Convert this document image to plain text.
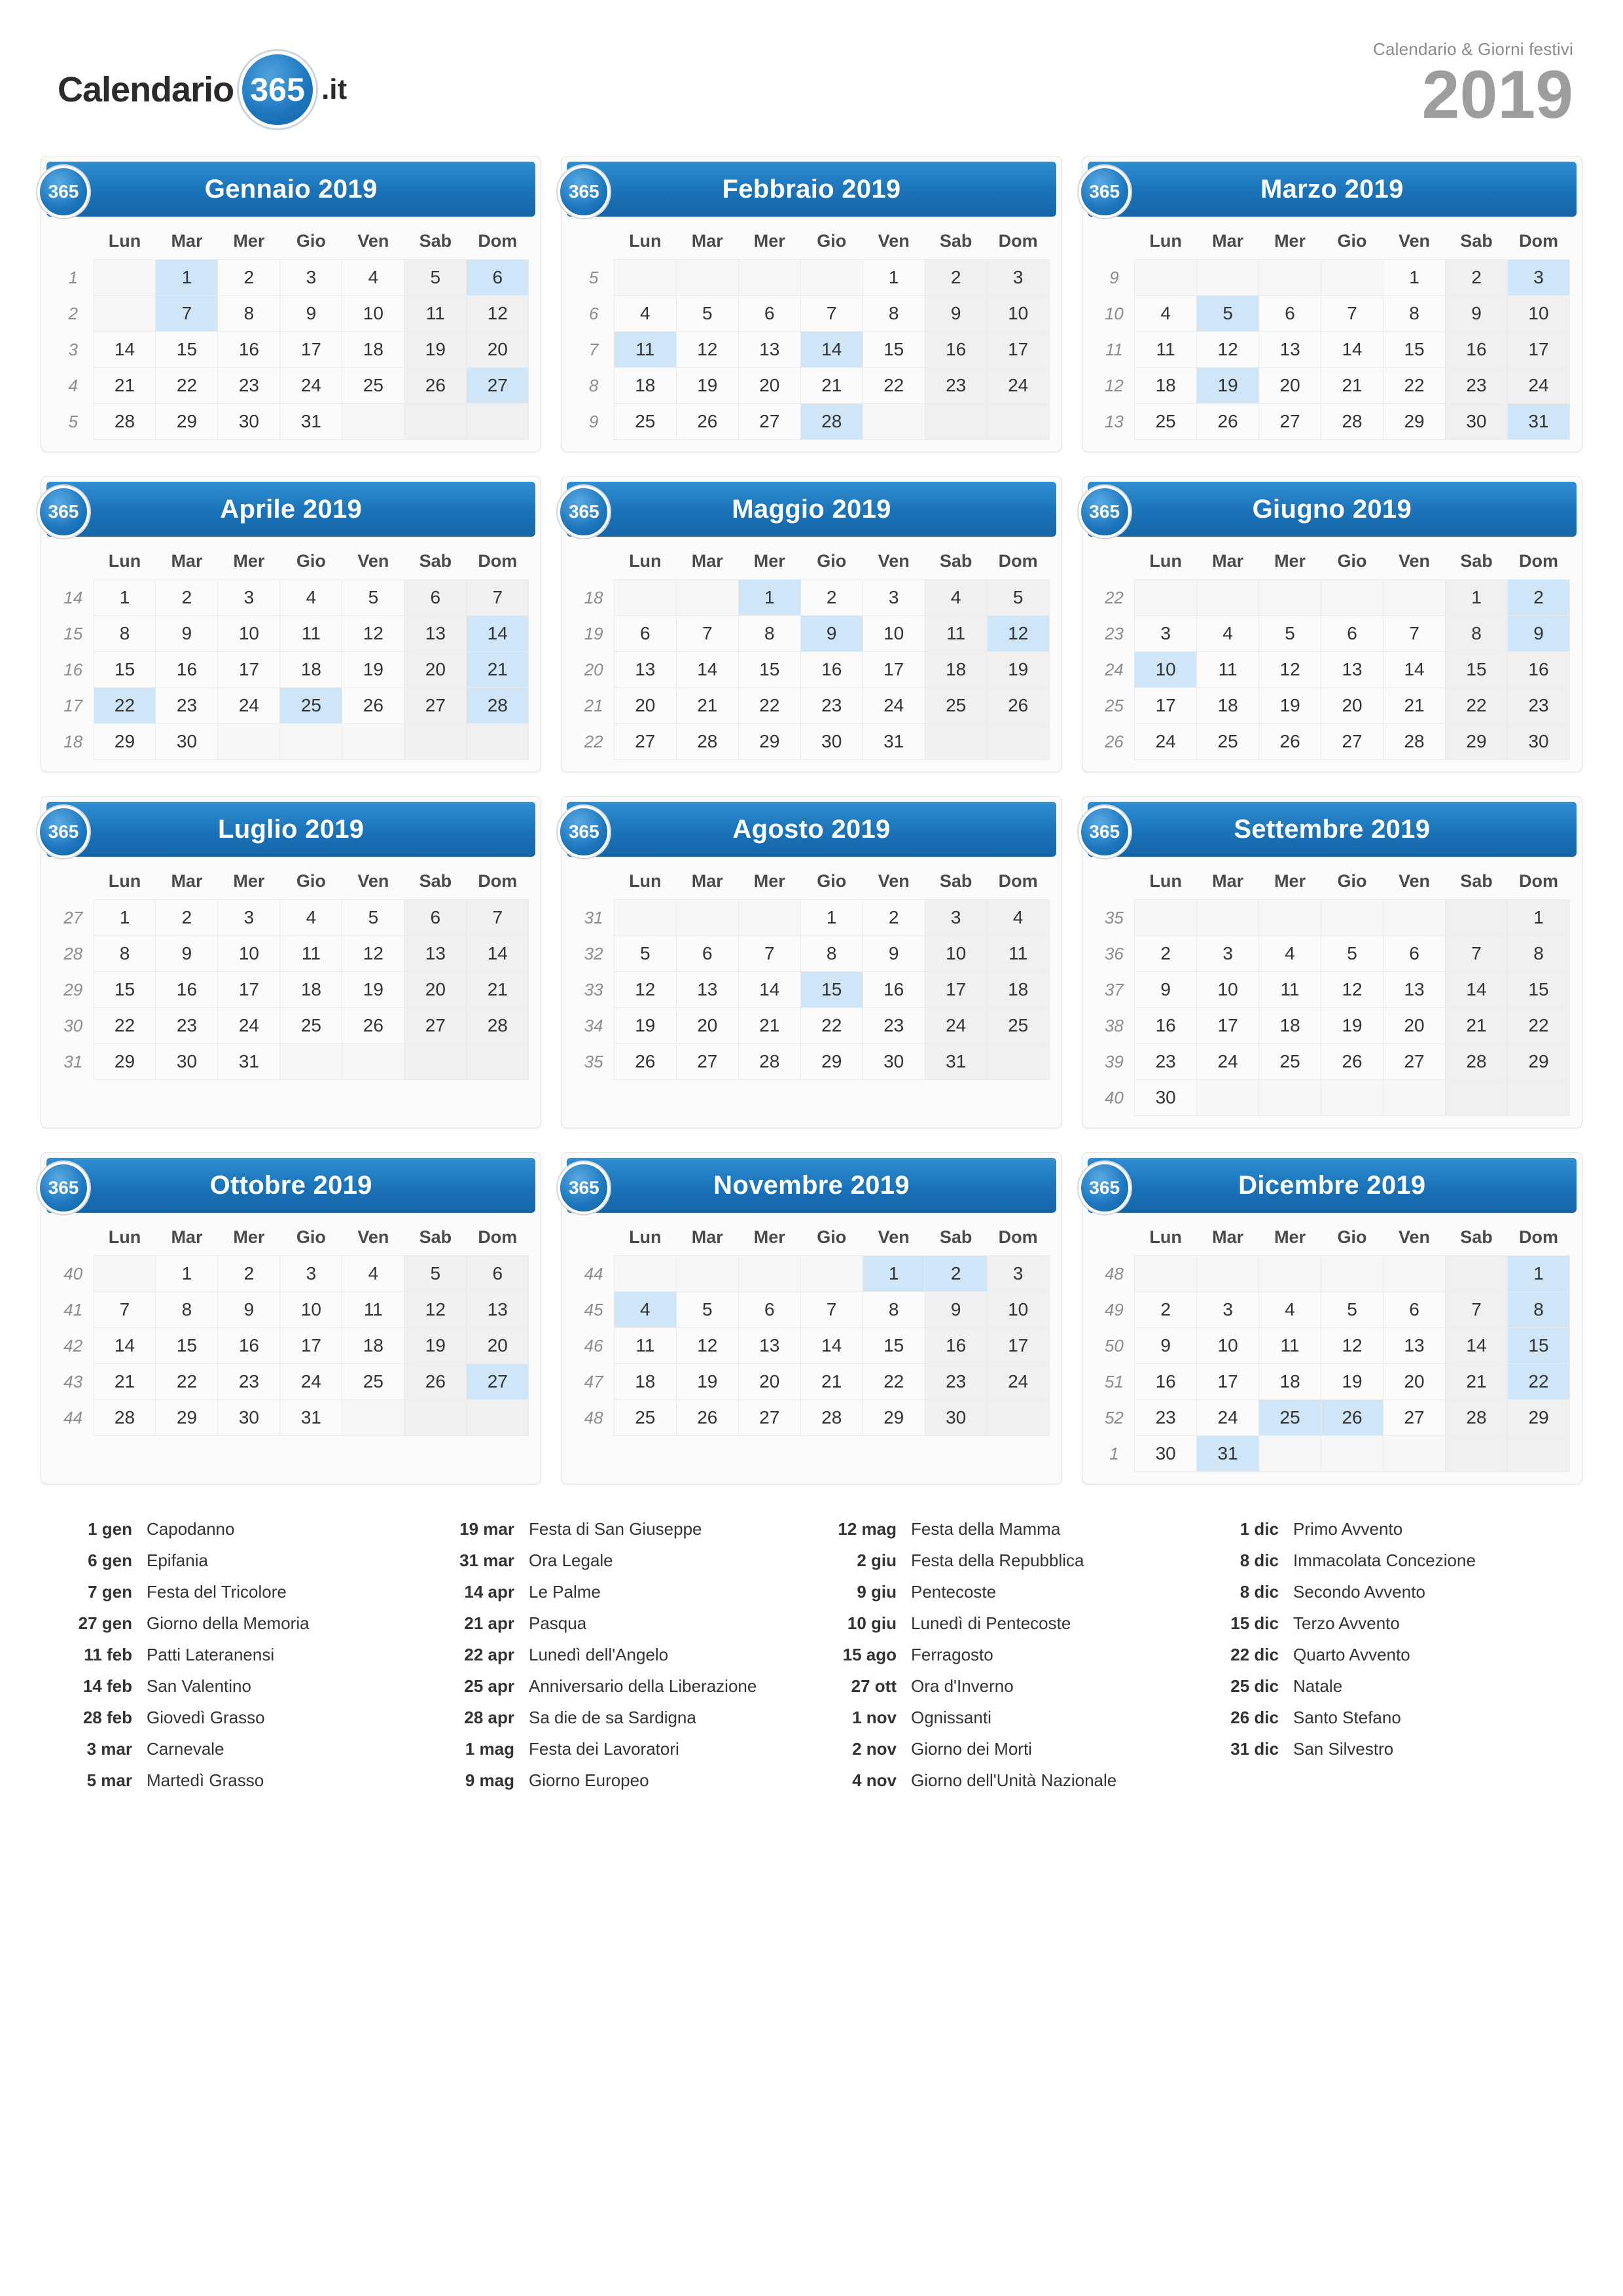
Calendario 365 .it
Calendario & Giorni festivi
2019
365	Gennaio 2019
	Lun	Mar	Mer	Gio	Ven	Sab	Dom
1		1	2	3	4	5	6
2		7	8	9	10	11	12
3	14	15	16	17	18	19	20
4	21	22	23	24	25	26	27
5	28	29	30	31			
365	Febbraio 2019
	Lun	Mar	Mer	Gio	Ven	Sab	Dom
5					1	2	3
6	4	5	6	7	8	9	10
7	11	12	13	14	15	16	17
8	18	19	20	21	22	23	24
9	25	26	27	28			
365	Marzo 2019
	Lun	Mar	Mer	Gio	Ven	Sab	Dom
9					1	2	3
10	4	5	6	7	8	9	10
11	11	12	13	14	15	16	17
12	18	19	20	21	22	23	24
13	25	26	27	28	29	30	31
365	Aprile 2019
	Lun	Mar	Mer	Gio	Ven	Sab	Dom
14	1	2	3	4	5	6	7
15	8	9	10	11	12	13	14
16	15	16	17	18	19	20	21
17	22	23	24	25	26	27	28
18	29	30					
365	Maggio 2019
	Lun	Mar	Mer	Gio	Ven	Sab	Dom
18			1	2	3	4	5
19	6	7	8	9	10	11	12
20	13	14	15	16	17	18	19
21	20	21	22	23	24	25	26
22	27	28	29	30	31		
365	Giugno 2019
	Lun	Mar	Mer	Gio	Ven	Sab	Dom
22						1	2
23	3	4	5	6	7	8	9
24	10	11	12	13	14	15	16
25	17	18	19	20	21	22	23
26	24	25	26	27	28	29	30
365	Luglio 2019
	Lun	Mar	Mer	Gio	Ven	Sab	Dom
27	1	2	3	4	5	6	7
28	8	9	10	11	12	13	14
29	15	16	17	18	19	20	21
30	22	23	24	25	26	27	28
31	29	30	31				
365	Agosto 2019
	Lun	Mar	Mer	Gio	Ven	Sab	Dom
31				1	2	3	4
32	5	6	7	8	9	10	11
33	12	13	14	15	16	17	18
34	19	20	21	22	23	24	25
35	26	27	28	29	30	31	
365	Settembre 2019
	Lun	Mar	Mer	Gio	Ven	Sab	Dom
35							1
36	2	3	4	5	6	7	8
37	9	10	11	12	13	14	15
38	16	17	18	19	20	21	22
39	23	24	25	26	27	28	29
40	30						
365	Ottobre 2019
	Lun	Mar	Mer	Gio	Ven	Sab	Dom
40		1	2	3	4	5	6
41	7	8	9	10	11	12	13
42	14	15	16	17	18	19	20
43	21	22	23	24	25	26	27
44	28	29	30	31			
365	Novembre 2019
	Lun	Mar	Mer	Gio	Ven	Sab	Dom
44					1	2	3
45	4	5	6	7	8	9	10
46	11	12	13	14	15	16	17
47	18	19	20	21	22	23	24
48	25	26	27	28	29	30	
365	Dicembre 2019
	Lun	Mar	Mer	Gio	Ven	Sab	Dom
48							1
49	2	3	4	5	6	7	8
50	9	10	11	12	13	14	15
51	16	17	18	19	20	21	22
52	23	24	25	26	27	28	29
1	30	31					
1 gen Capodanno
6 gen Epifania
7 gen Festa del Tricolore
27 gen Giorno della Memoria
11 feb Patti Lateranensi
14 feb San Valentino
28 feb Giovedì Grasso
3 mar Carnevale
5 mar Martedì Grasso
19 mar Festa di San Giuseppe
31 mar Ora Legale
14 apr Le Palme
21 apr Pasqua
22 apr Lunedì dell'Angelo
25 apr Anniversario della Liberazione
28 apr Sa die de sa Sardigna
1 mag Festa dei Lavoratori
9 mag Giorno Europeo
12 mag Festa della Mamma
2 giu Festa della Repubblica
9 giu Pentecoste
10 giu Lunedì di Pentecoste
15 ago Ferragosto
27 ott Ora d'Inverno
1 nov Ognissanti
2 nov Giorno dei Morti
4 nov Giorno dell'Unità Nazionale
1 dic Primo Avvento
8 dic Immacolata Concezione
8 dic Secondo Avvento
15 dic Terzo Avvento
22 dic Quarto Avvento
25 dic Natale
26 dic Santo Stefano
31 dic San Silvestro
